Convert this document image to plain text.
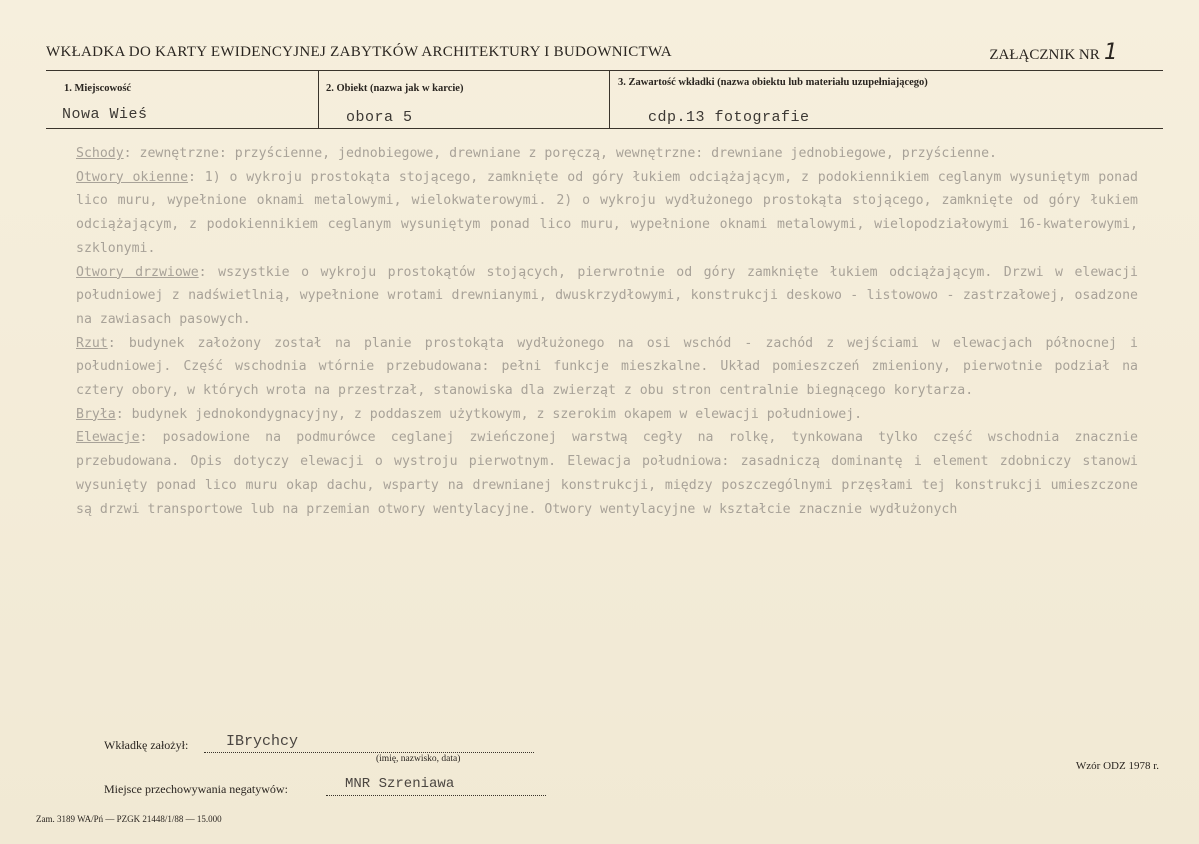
WKŁADKA DO KARTY EWIDENCYJNEJ ZABYTKÓW ARCHITEKTURY I BUDOWNICTWA	ZAŁĄCZNIK NR 1
1. Miejscowość
Nowa Wieś
2. Obiekt (nazwa jak w karcie)
obora 5
3. Zawartość wkładki (nazwa obiektu lub materiału uzupełniającego)
cdp.13 fotografie

Schody: zewnętrzne: przyścienne, jednobiegowe, drewniane z poręczą, wewnętrzne: drewniane jednobiegowe, przyścienne.

Otwory okienne: 1) o wykroju prostokąta stojącego, zamknięte od góry łukiem odciążającym, z podokiennikiem ceglanym wysuniętym ponad lico muru, wypełnione oknami metalowymi, wielokwaterowymi. 2) o wykroju wydłużonego prostokąta stojącego, zamknięte od góry łukiem odciążającym, z podokiennikiem ceglanym wysuniętym ponad lico muru, wypełnione oknami metalowymi, wielopodziałowymi 16-kwaterowymi, szklonymi.

Otwory drzwiowe: wszystkie o wykroju prostokątów stojących, pierwrotnie od góry zamknięte łukiem odciążającym. Drzwi w elewacji południowej z nadświetlnią, wypełnione wrotami drewnianymi, dwuskrzydłowymi, konstrukcji deskowo - listowowo - zastrzałowej, osadzone na zawiasach pasowych.

Rzut: budynek założony został na planie prostokąta wydłużonego na osi wschód - zachód z wejściami w elewacjach północnej i południowej. Część wschodnia wtórnie przebudowana: pełni funkcje mieszkalne. Układ pomieszczeń zmieniony, pierwotnie podział na cztery obory, w których wrota na przestrzał, stanowiska dla zwierząt z obu stron centralnie biegnącego korytarza.

Bryła: budynek jednokondygnacyjny, z poddaszem użytkowym, z szerokim okapem w elewacji południowej.

Elewacje: posadowione na podmurówce ceglanej zwieńczonej warstwą cegły na rolkę, tynkowana tylko część wschodnia znacznie przebudowana. Opis dotyczy elewacji o wystroju pierwotnym. Elewacja południowa: zasadniczą dominantę i element zdobniczy stanowi wysunięty ponad lico muru okap dachu, wsparty na drewnianej konstrukcji, między poszczególnymi przęsłami tej konstrukcji umieszczone są drzwi transportowe lub na przemian otwory wentylacyjne. Otwory wentylacyjne w kształcie znacznie wydłużonych

Wkładkę założył:	IBrychcy
(imię, nazwisko, data)
Miejsce przechowywania negatywów:	MNR Szreniawa
Wzór ODZ 1978 r.
Zam. 3189 WA/Pń — PZGK 21448/1/88 — 15.000
